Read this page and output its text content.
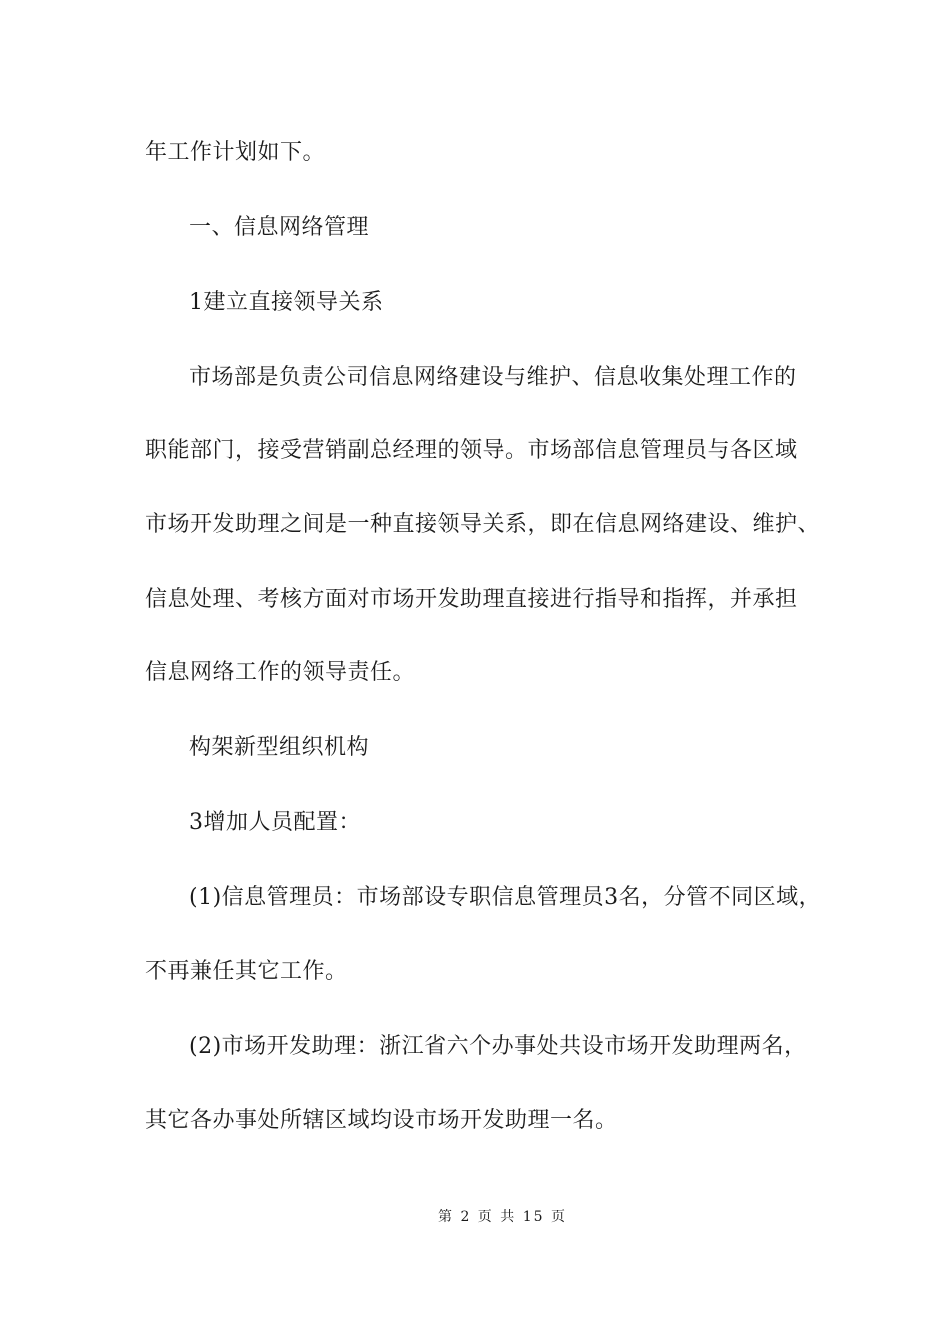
年工作计划如下。
一、信息网络管理
1建立直接领导关系
市场部是负责公司信息网络建设与维护、信息收集处理工作的
职能部门，接受营销副总经理的领导。市场部信息管理员与各区域
市场开发助理之间是一种直接领导关系，即在信息网络建设、维护、
信息处理、考核方面对市场开发助理直接进行指导和指挥，并承担
信息网络工作的领导责任。
构架新型组织机构
3增加人员配置：
(1)信息管理员：市场部设专职信息管理员3名，分管不同区域，
不再兼任其它工作。
(2)市场开发助理：浙江省六个办事处共设市场开发助理两名，
其它各办事处所辖区域均设市场开发助理一名。
第 2 页 共 15 页
